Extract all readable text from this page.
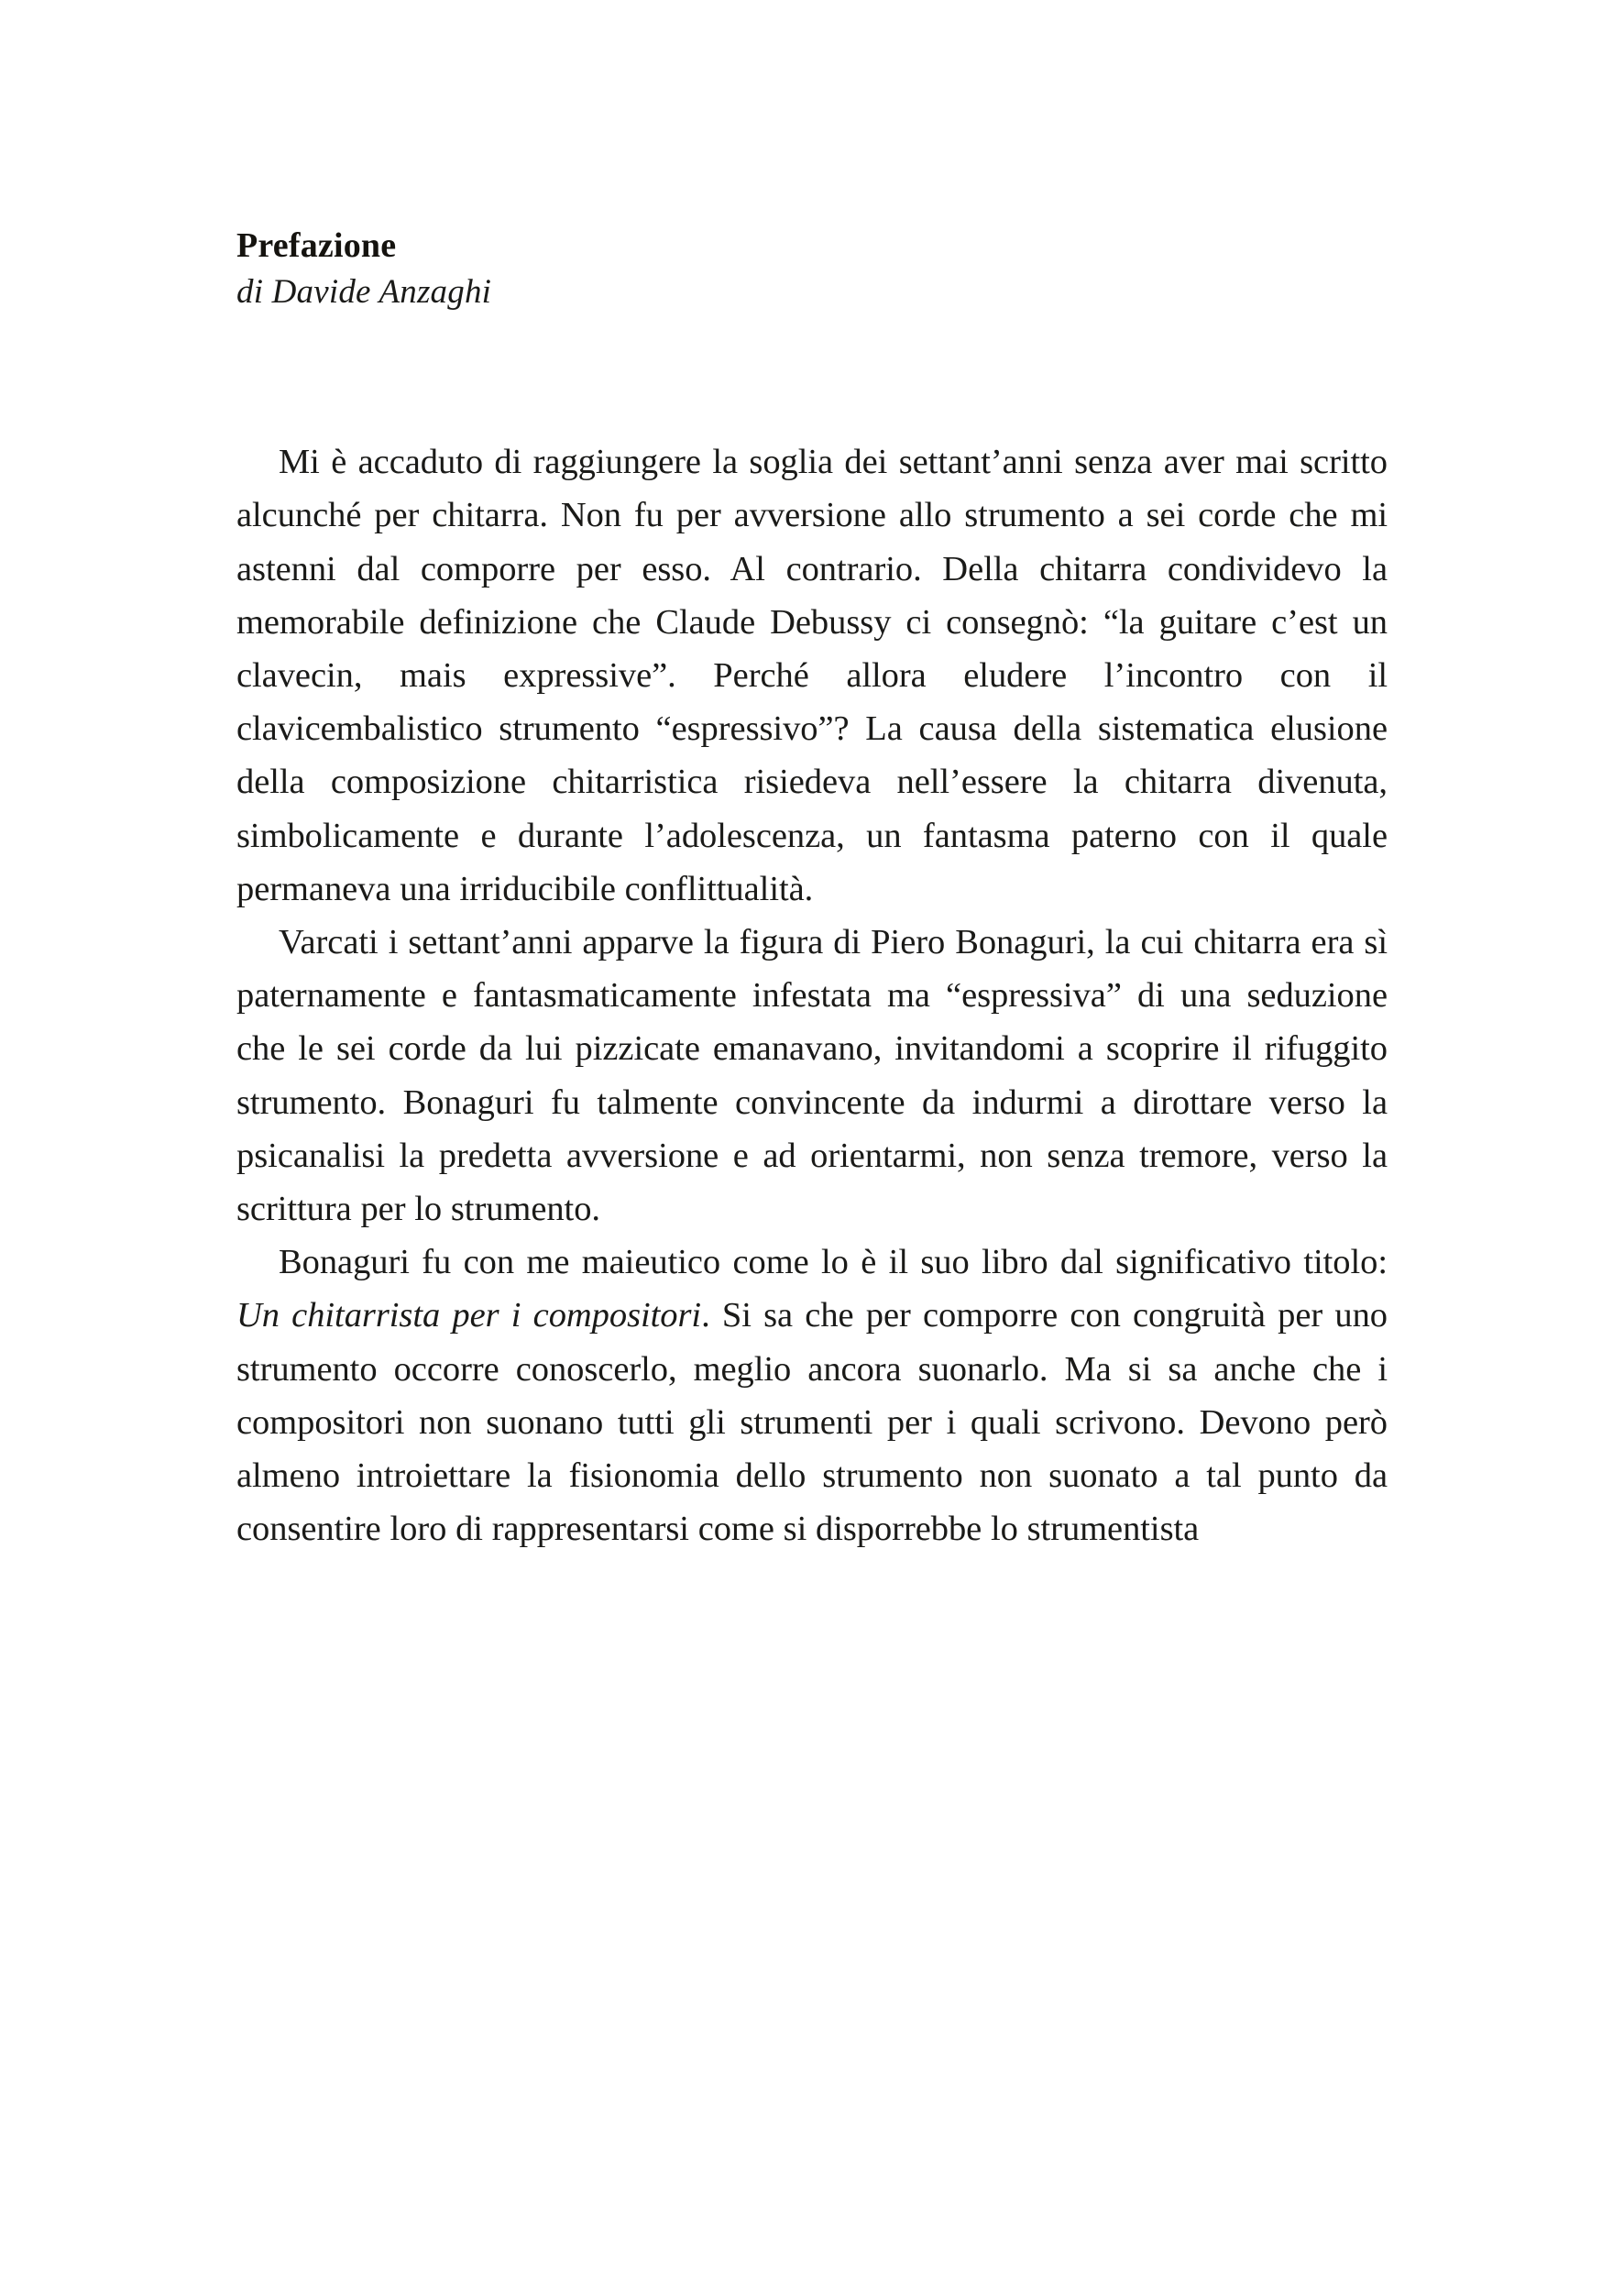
Prefazione
di Davide Anzaghi

Mi è accaduto di raggiungere la soglia dei settant’anni senza aver mai scritto alcunché per chitarra. Non fu per avversione allo strumento a sei corde che mi astenni dal comporre per esso. Al contrario. Della chitarra condividevo la memorabile definizione che Claude Debussy ci consegnò: “la guitare c’est un clavecin, mais expressive”. Perché allora eludere l’incontro con il clavicembalistico strumento “espressivo”? La causa della sistematica elusione della composizione chitarristica risiedeva nell’essere la chitarra divenuta, simbolicamente e durante l’adolescenza, un fantasma paterno con il quale permaneva una irriducibile conflittualità.

Varcati i settant’anni apparve la figura di Piero Bonaguri, la cui chitarra era sì paternamente e fantasmaticamente infestata ma “espressiva” di una seduzione che le sei corde da lui pizzicate emanavano, invitandomi a scoprire il rifuggito strumento. Bonaguri fu talmente convincente da indurmi a dirottare verso la psicanalisi la predetta avversione e ad orientarmi, non senza tremore, verso la scrittura per lo strumento.

Bonaguri fu con me maieutico come lo è il suo libro dal significativo titolo: Un chitarrista per i compositori. Si sa che per comporre con congruità per uno strumento occorre conoscerlo, meglio ancora suonarlo. Ma si sa anche che i compositori non suonano tutti gli strumenti per i quali scrivono. Devono però almeno introiettare la fisionomia dello strumento non suonato a tal punto da consentire loro di rappresentarsi come si disporrebbe lo strumentista
